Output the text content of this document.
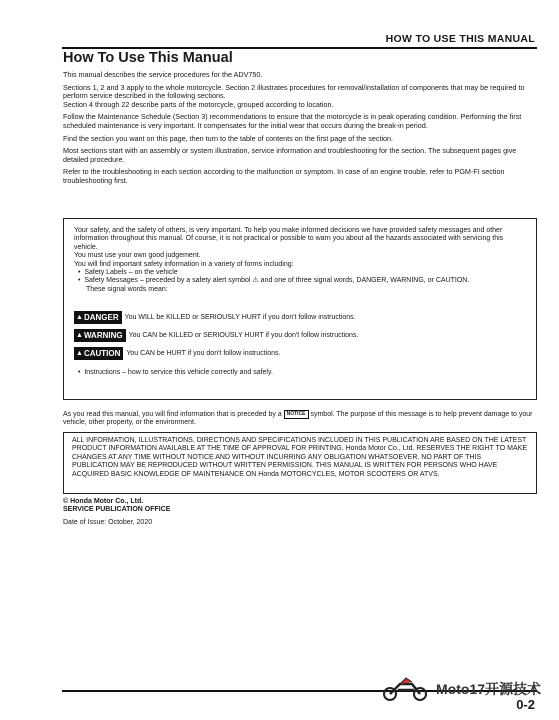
HOW TO USE THIS MANUAL
How To Use This Manual

This manual describes the service procedures for the ADV750.

Sections 1, 2 and 3 apply to the whole motorcycle. Section 2 illustrates procedures for removal/installation of components that may be required to perform service described in the following sections.

Section 4 through 22 describe parts of the motorcycle, grouped according to location.

Follow the Maintenance Schedule (Section 3) recommendations to ensure that the motorcycle is in peak operating condition. Performing the first scheduled maintenance is very important. It compensates for the initial wear that occurs during the break-in period.

Find the section you want on this page, then turn to the table of contents on the first page of the section.

Most sections start with an assembly or system illustration, service information and troubleshooting for the section. The subsequent pages give detailed procedure.

Refer to the troubleshooting in each section according to the malfunction or symptom. In case of an engine trouble, refer to PGM-FI section troubleshooting first.

Your safety, and the safety of others, is very important. To help you make informed decisions we have provided safety messages and other information throughout this manual. Of course, it is not practical or possible to warn you about all the hazards associated with servicing this vehicle.

You must use your own good judgement.

You will find important safety information in a variety of forms including:

•  Safety Labels – on the vehicle

•  Safety Messages – preceded by a safety alert symbol ⚠ and one of three signal words, DANGER, WARNING, or CAUTION.

These signal words mean:

▲ DANGER You WILL be KILLED or SERIOUSLY HURT if you don't follow instructions.
▲ WARNING You CAN be KILLED or SERIOUSLY HURT if you don't follow instructions.
▲ CAUTION You CAN be HURT if you don't follow instructions.

•  Instructions – how to service this vehicle correctly and safely.

As you read this manual, you will find information that is preceded by a NOTICE symbol. The purpose of this message is to help prevent damage to your vehicle, other property, or the environment.
ALL INFORMATION, ILLUSTRATIONS, DIRECTIONS AND SPECIFICATIONS INCLUDED IN THIS PUBLICATION ARE BASED ON THE LATEST PRODUCT INFORMATION AVAILABLE AT THE TIME OF APPROVAL FOR PRINTING. Honda Motor Co., Ltd. RESERVES THE RIGHT TO MAKE CHANGES AT ANY TIME WITHOUT NOTICE AND WITHOUT INCURRING ANY OBLIGATION WHATSOEVER. NO PART OF THIS PUBLICATION MAY BE REPRODUCED WITHOUT WRITTEN PERMISSION. THIS MANUAL IS WRITTEN FOR PERSONS WHO HAVE ACQUIRED BASIC KNOWLEDGE OF MAINTENANCE ON Honda MOTORCYCLES, MOTOR SCOOTERS OR ATVS.

© Honda Motor Co., Ltd.

SERVICE PUBLICATION OFFICE

Date of Issue: October, 2020

0-2
Moto17开源技术
